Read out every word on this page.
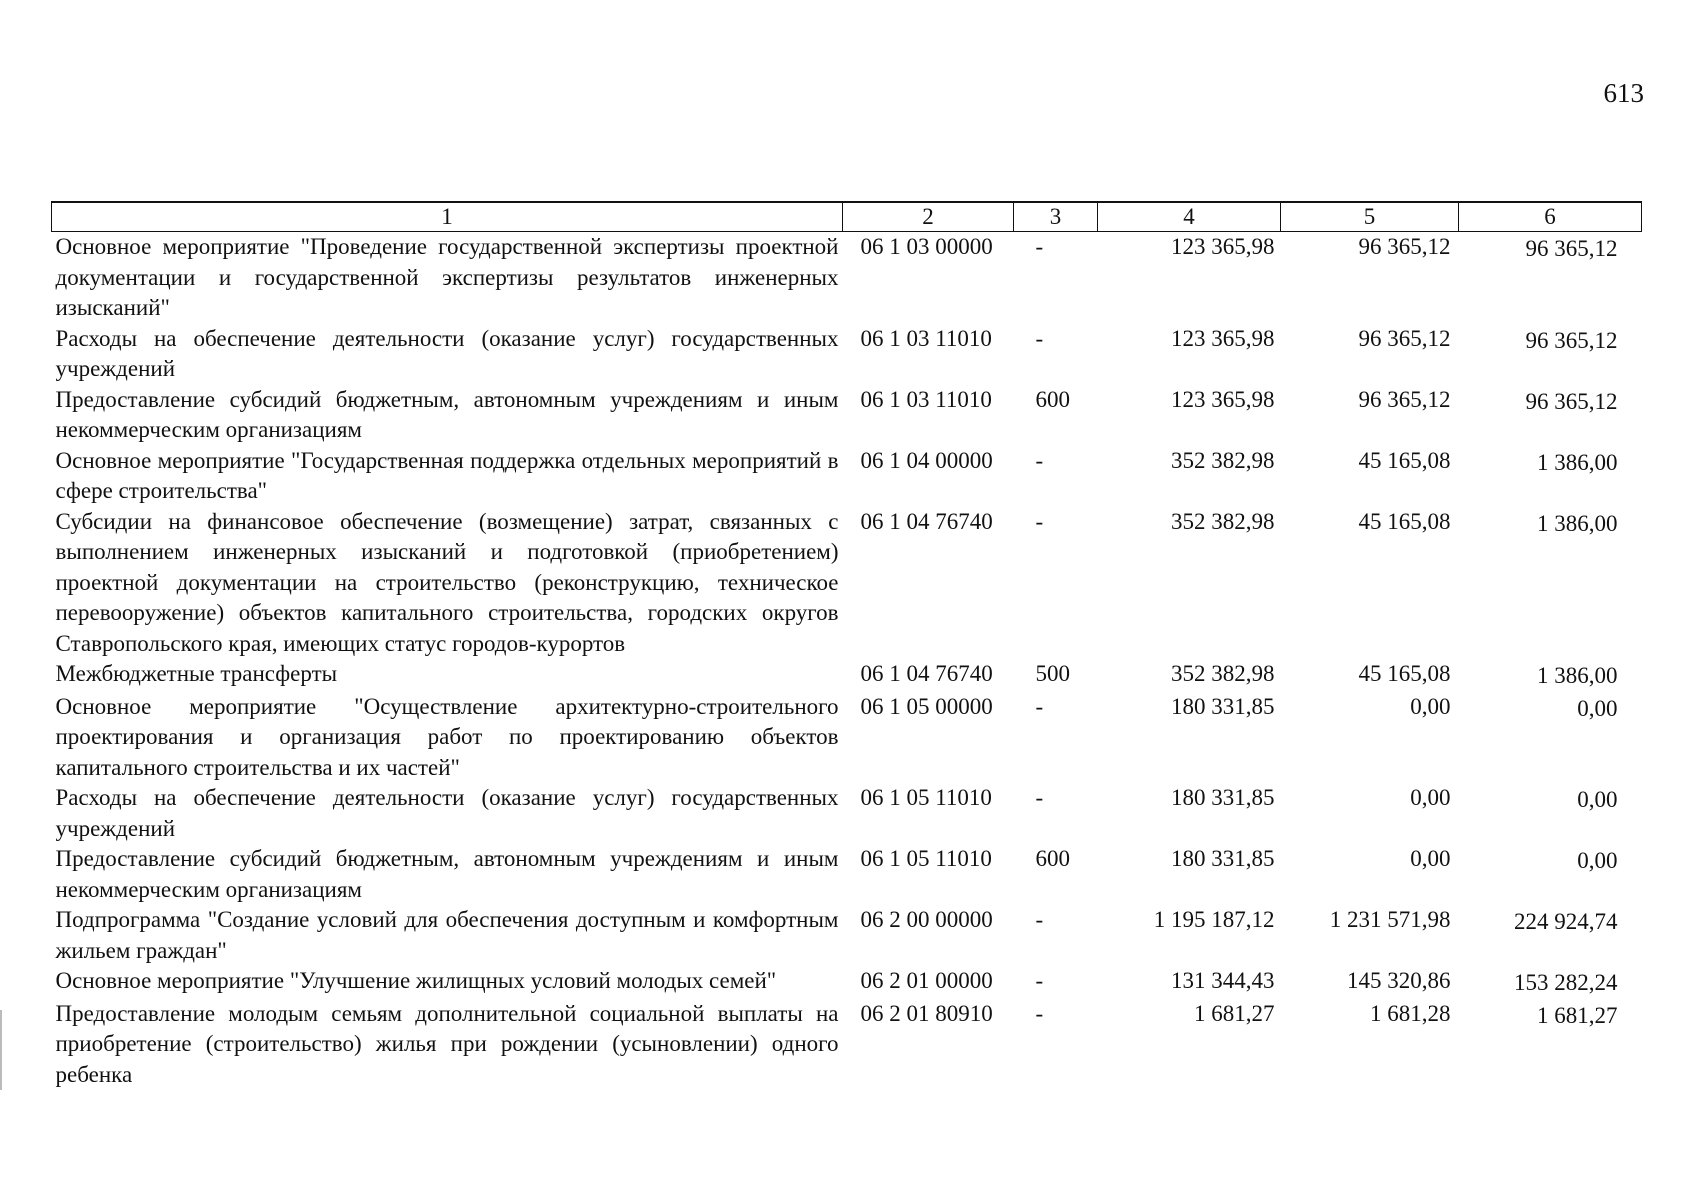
613
1	2	3	4	5	6
Основное мероприятие "Проведение государственной экспертизы проектной документации и государственной экспертизы результатов инженерных изысканий"	06 1 03 00000	-	123 365,98	96 365,12	96 365,12
Расходы на обеспечение деятельности (оказание услуг) государственных учреждений	06 1 03 11010	-	123 365,98	96 365,12	96 365,12
Предоставление субсидий бюджетным, автономным учреждениям и иным некоммерческим организациям	06 1 03 11010	600	123 365,98	96 365,12	96 365,12
Основное мероприятие "Государственная поддержка отдельных мероприятий в сфере строительства"	06 1 04 00000	-	352 382,98	45 165,08	1 386,00
Субсидии на финансовое обеспечение (возмещение) затрат, связанных с выполнением инженерных изысканий и подготовкой (приобретением) проектной документации на строительство (реконструкцию, техническое перевооружение) объектов капитального строительства, городских округов Ставропольского края, имеющих статус городов-курортов	06 1 04 76740	-	352 382,98	45 165,08	1 386,00
Межбюджетные трансферты	06 1 04 76740	500	352 382,98	45 165,08	1 386,00
Основное мероприятие "Осуществление архитектурно-строительного проектирования и организация работ по проектированию объектов капитального строительства и их частей"	06 1 05 00000	-	180 331,85	0,00	0,00
Расходы на обеспечение деятельности (оказание услуг) государственных учреждений	06 1 05 11010	-	180 331,85	0,00	0,00
Предоставление субсидий бюджетным, автономным учреждениям и иным некоммерческим организациям	06 1 05 11010	600	180 331,85	0,00	0,00
Подпрограмма "Создание условий для обеспечения доступным и комфортным жильем граждан"	06 2 00 00000	-	1 195 187,12	1 231 571,98	224 924,74
Основное мероприятие "Улучшение жилищных условий молодых семей"	06 2 01 00000	-	131 344,43	145 320,86	153 282,24
Предоставление молодым семьям дополнительной социальной выплаты на приобретение (строительство) жилья при рождении (усыновлении) одного ребенка	06 2 01 80910	-	1 681,27	1 681,28	1 681,27
